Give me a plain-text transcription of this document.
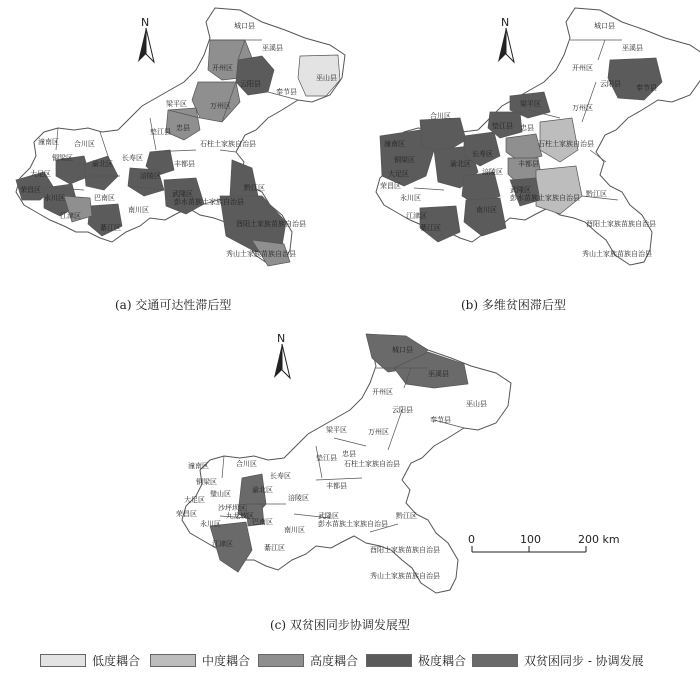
N	城口县
巫溪县
开州区
云阳县
巫山县
奉节县
梁平区	万州区
垫江县 忠县
潼南区 合川区
铜梁区
大足区
荣昌区
永川区
江津区
綦江区
巴南区
渝北区
长寿区
涪陵区
南川区
丰都县
石柱土家族自治县
武隆区
彭水苗族土家族自治县
黔江区
酉阳土家族苗族自治县
秀山土家族苗族自治县
N	城口县
巫溪县
开州区
云阳县 奉节县
梁平区	万州区
垫江县 忠县
潼南区
合川区
铜梁区
大足区
荣昌区
永川区
江津区
渝北区
长寿区
涪陵区
丰都县
石柱土家族自治县
武隆区
彭水苗族土家族自治县 黔江区
南川区
綦江区	酉阳土家族苗族自治县
秀山土家族苗族自治县
N
城口县
巫溪县
开州区
云阳县
巫山县
奉节县
梁平区	万州区
垫江县 忠县
潼南区	合川区
铜梁区
大足区
荣昌区
永川区
江津区	綦江区
巴南区
渝北区
长寿区
涪陵区
南川区
丰都县
石柱土家族自治县
武隆区
彭水苗族土家族自治县
黔江区
酉阳土家族苗族自治县
秀山土家族苗族自治县
璧山区
沙坪坝区
九龙坡区
0	100	200 km
(a) 交通可达性滞后型	(b) 多维贫困滞后型
(c) 双贫困同步协调发展型
低度耦合	中度耦合	高度耦合	极度耦合	双贫困同步 - 协调发展
